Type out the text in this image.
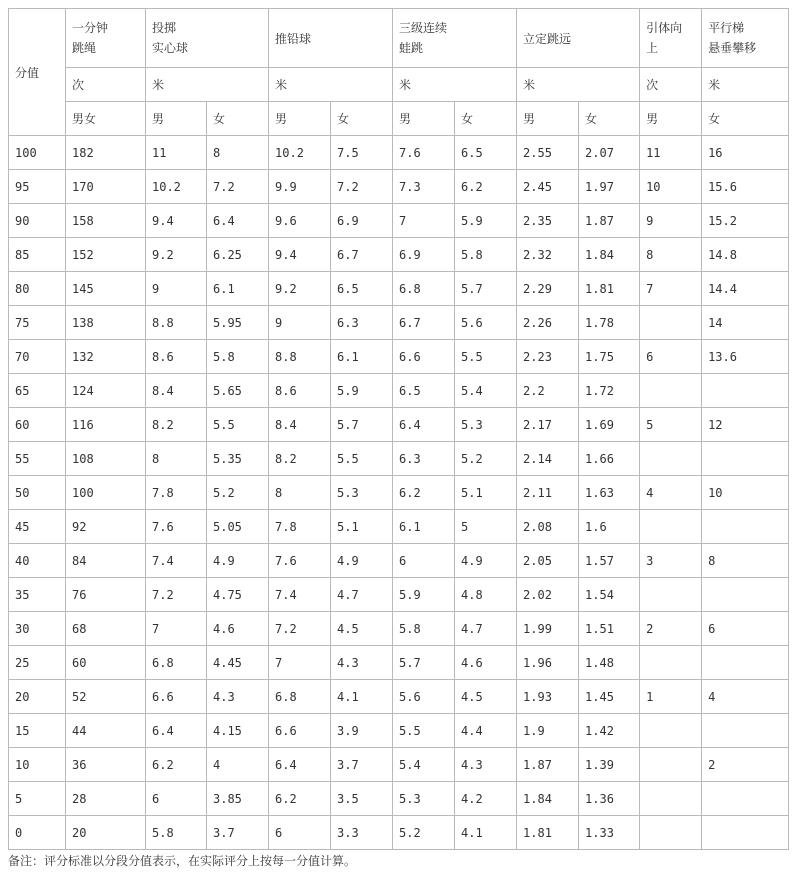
分值	一分钟
跳绳	投掷
实心球		推铅球		三级连续
蛙跳		立定跳远		引体向
上	平行梯
悬垂攀移
	次	米		米		米		米		次	米
	男女	男	女	男	女	男	女	男	女	男	女
100	182	11	8	10.2	7.5	7.6	6.5	2.55	2.07	11	16
95	170	10.2	7.2	9.9	7.2	7.3	6.2	2.45	1.97	10	15.6
90	158	9.4	6.4	9.6	6.9	7	5.9	2.35	1.87	9	15.2
85	152	9.2	6.25	9.4	6.7	6.9	5.8	2.32	1.84	8	14.8
80	145	9	6.1	9.2	6.5	6.8	5.7	2.29	1.81	7	14.4
75	138	8.8	5.95	9	6.3	6.7	5.6	2.26	1.78		14
70	132	8.6	5.8	8.8	6.1	6.6	5.5	2.23	1.75	6	13.6
65	124	8.4	5.65	8.6	5.9	6.5	5.4	2.2	1.72		
60	116	8.2	5.5	8.4	5.7	6.4	5.3	2.17	1.69	5	12
55	108	8	5.35	8.2	5.5	6.3	5.2	2.14	1.66		
50	100	7.8	5.2	8	5.3	6.2	5.1	2.11	1.63	4	10
45	92	7.6	5.05	7.8	5.1	6.1	5	2.08	1.6		
40	84	7.4	4.9	7.6	4.9	6	4.9	2.05	1.57	3	8
35	76	7.2	4.75	7.4	4.7	5.9	4.8	2.02	1.54		
30	68	7	4.6	7.2	4.5	5.8	4.7	1.99	1.51	2	6
25	60	6.8	4.45	7	4.3	5.7	4.6	1.96	1.48		
20	52	6.6	4.3	6.8	4.1	5.6	4.5	1.93	1.45	1	4
15	44	6.4	4.15	6.6	3.9	5.5	4.4	1.9	1.42		
10	36	6.2	4	6.4	3.7	5.4	4.3	1.87	1.39		2
5	28	6	3.85	6.2	3.5	5.3	4.2	1.84	1.36		
0	20	5.8	3.7	6	3.3	5.2	4.1	1.81	1.33		
备注：评分标准以分段分值表示，在实际评分上按每一分值计算。
